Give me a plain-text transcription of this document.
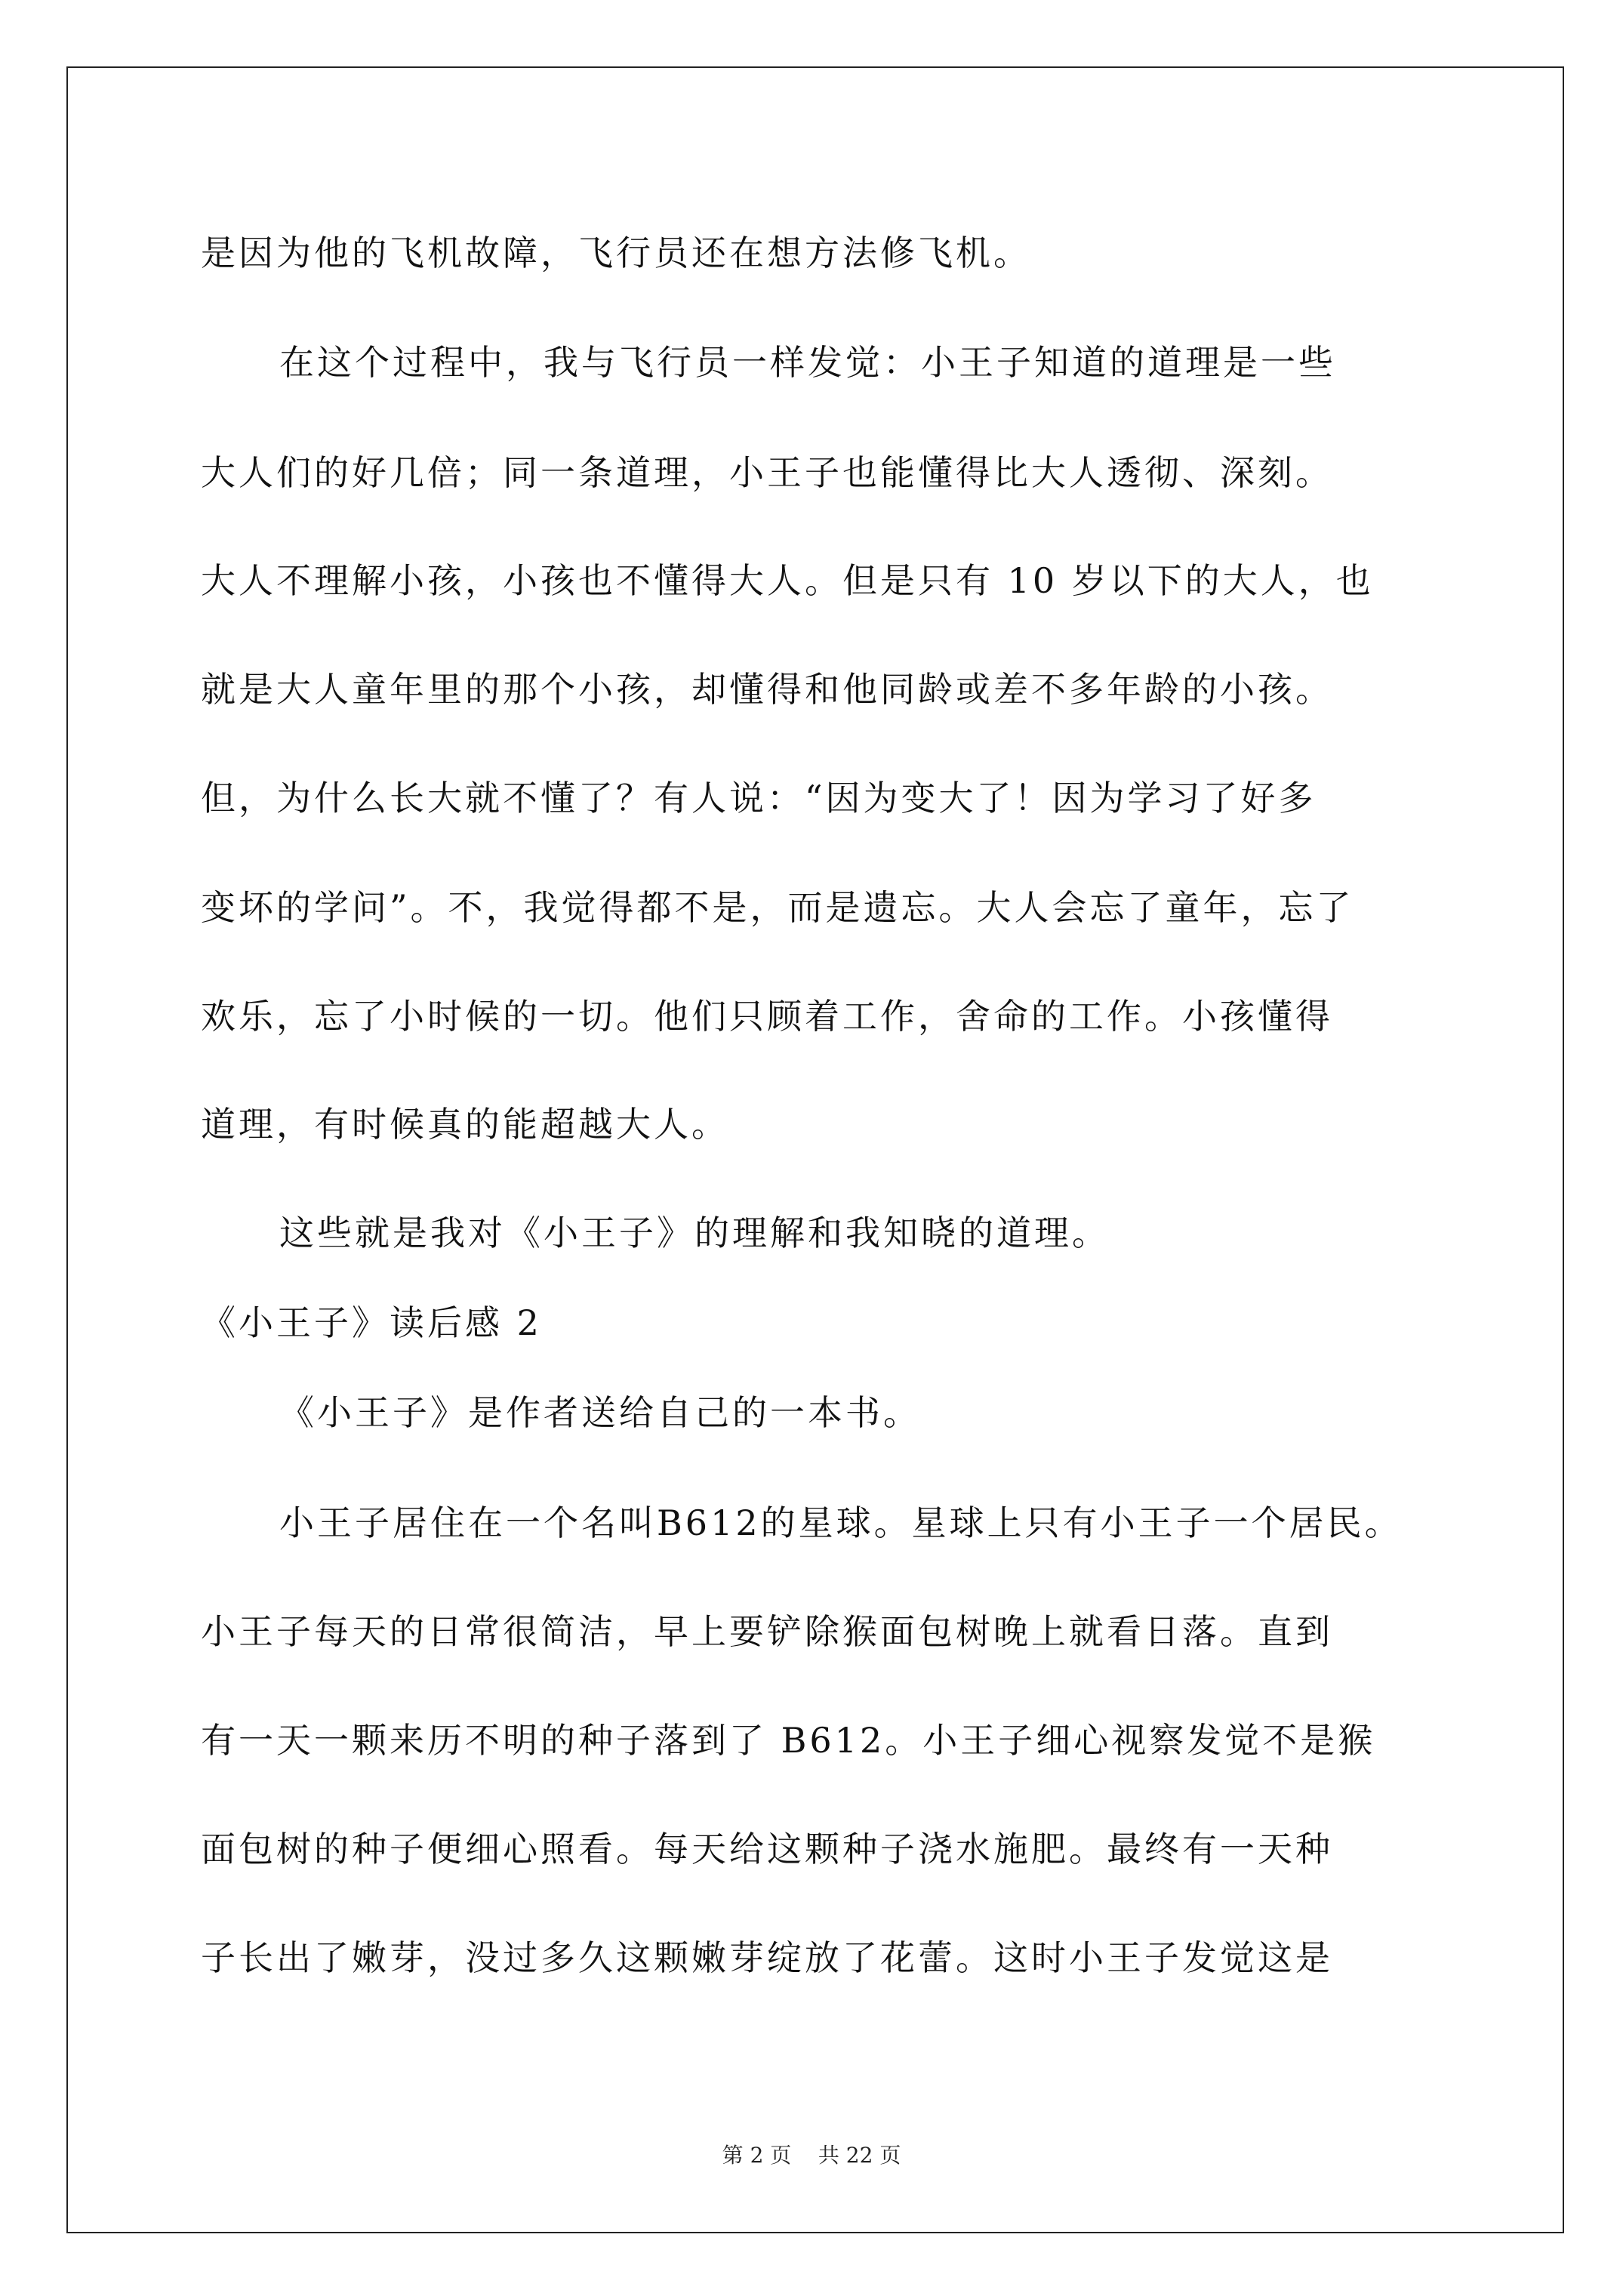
是因为他的飞机故障，飞行员还在想方法修飞机。
在这个过程中，我与飞行员一样发觉：小王子知道的道理是一些
大人们的好几倍；同一条道理，小王子也能懂得比大人透彻、深刻。
大人不理解小孩，小孩也不懂得大人。但是只有 10 岁以下的大人，也
就是大人童年里的那个小孩，却懂得和他同龄或差不多年龄的小孩。
但，为什么长大就不懂了？有人说：“因为变大了！因为学习了好多
变坏的学问”。不，我觉得都不是，而是遗忘。大人会忘了童年，忘了
欢乐，忘了小时候的一切。他们只顾着工作，舍命的工作。小孩懂得
道理，有时候真的能超越大人。
这些就是我对《小王子》的理解和我知晓的道理。
《小王子》读后感 2
《小王子》是作者送给自己的一本书。
小王子居住在一个名叫B612的星球。星球上只有小王子一个居民。
小王子每天的日常很简洁，早上要铲除猴面包树晚上就看日落。直到
有一天一颗来历不明的种子落到了 B612。小王子细心视察发觉不是猴
面包树的种子便细心照看。每天给这颗种子浇水施肥。最终有一天种
子长出了嫩芽，没过多久这颗嫩芽绽放了花蕾。这时小王子发觉这是
第 2 页    共 22 页
